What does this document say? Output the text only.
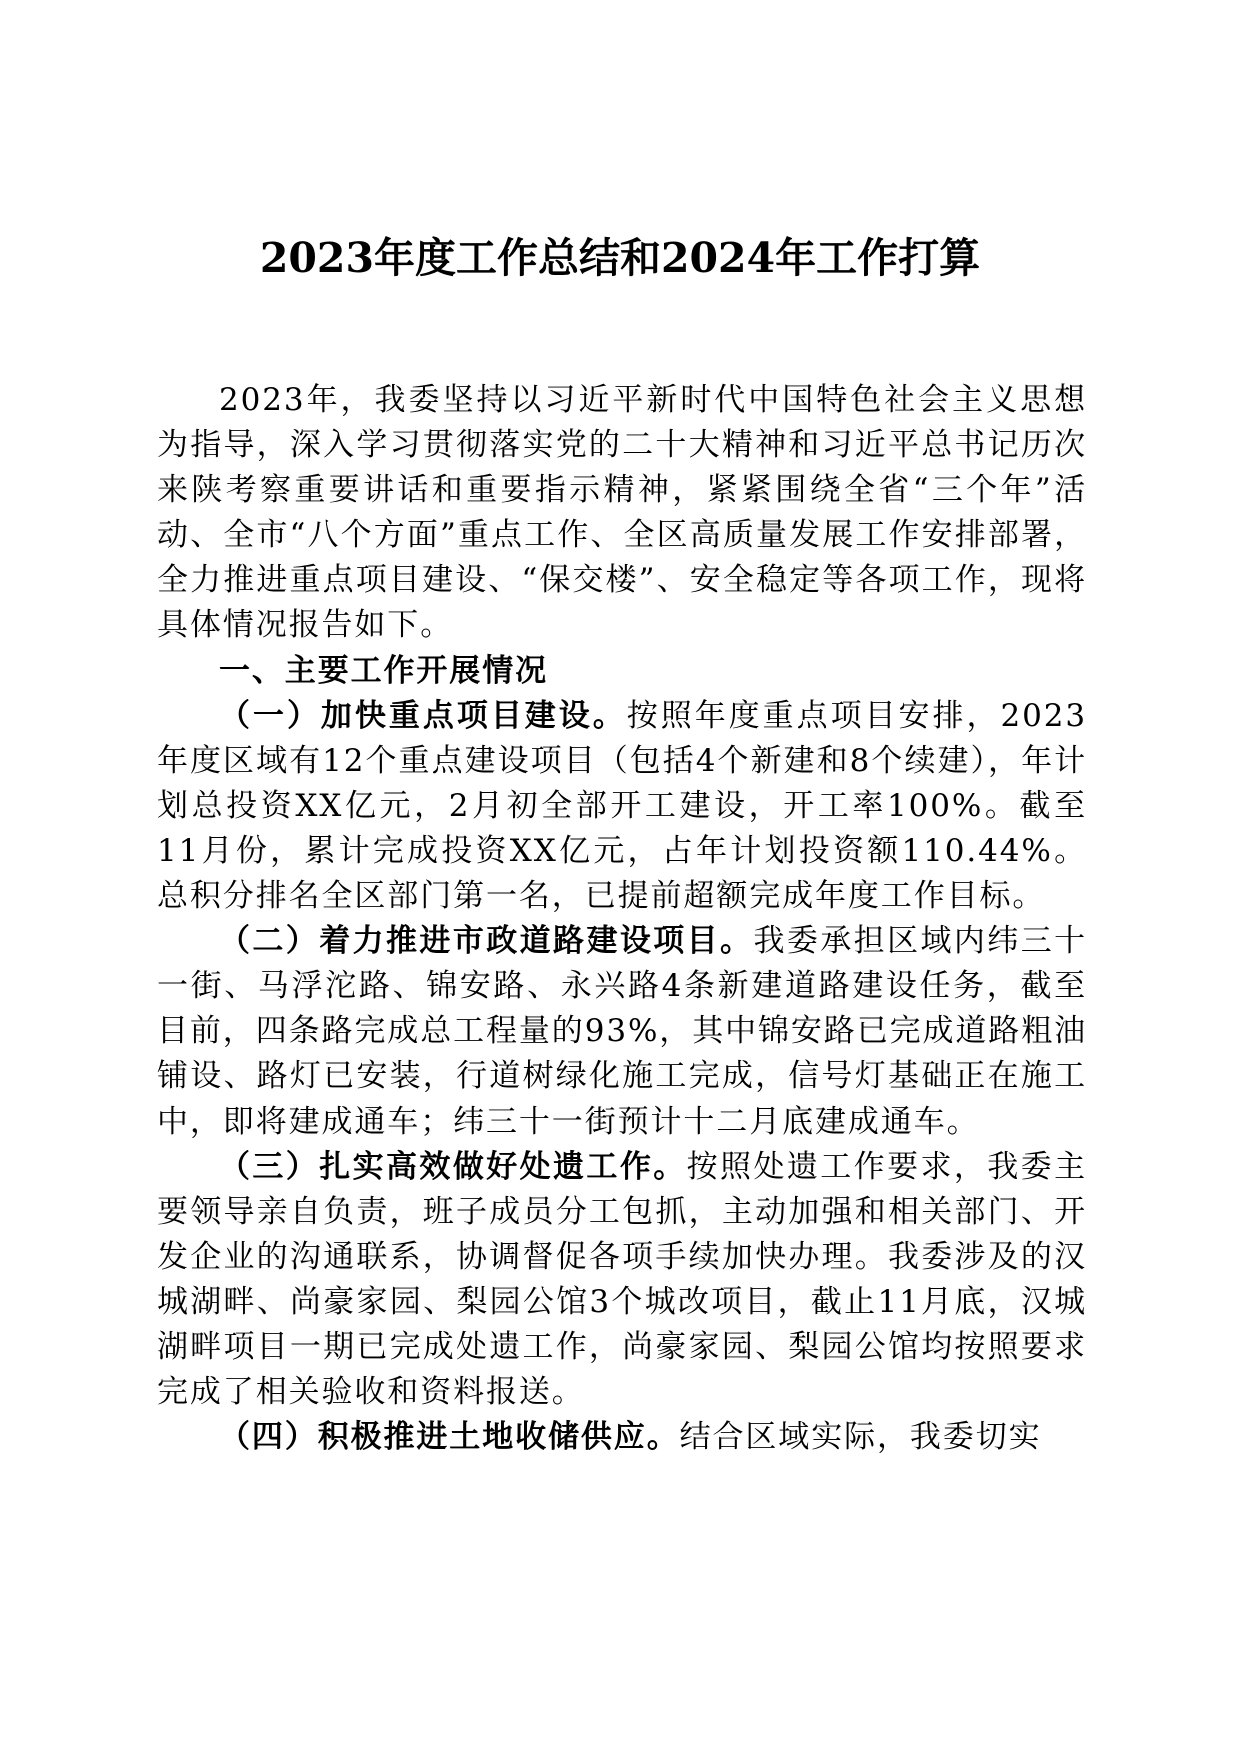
2023年度工作总结和2024年工作打算

2023年，我委坚持以习近平新时代中国特色社会主义思想为指导，深入学习贯彻落实党的二十大精神和习近平总书记历次来陕考察重要讲话和重要指示精神，紧紧围绕全省“三个年”活动、全市“八个方面”重点工作、全区高质量发展工作安排部署，全力推进重点项目建设、“保交楼”、安全稳定等各项工作，现将具体情况报告如下。

一、主要工作开展情况

（一）加快重点项目建设。按照年度重点项目安排，2023年度区域有12个重点建设项目（包括4个新建和8个续建），年计划总投资XX亿元，2月初全部开工建设，开工率100%。截至11月份，累计完成投资XX亿元，占年计划投资额110.44%。总积分排名全区部门第一名，已提前超额完成年度工作目标。

（二）着力推进市政道路建设项目。我委承担区域内纬三十一街、马浮沱路、锦安路、永兴路4条新建道路建设任务，截至目前，四条路完成总工程量的93%，其中锦安路已完成道路粗油铺设、路灯已安装，行道树绿化施工完成，信号灯基础正在施工中，即将建成通车；纬三十一街预计十二月底建成通车。

（三）扎实高效做好处遗工作。按照处遗工作要求，我委主要领导亲自负责，班子成员分工包抓，主动加强和相关部门、开发企业的沟通联系，协调督促各项手续加快办理。我委涉及的汉城湖畔、尚豪家园、梨园公馆3个城改项目，截止11月底，汉城湖畔项目一期已完成处遗工作，尚豪家园、梨园公馆均按照要求完成了相关验收和资料报送。

（四）积极推进土地收储供应。结合区域实际，我委切实
